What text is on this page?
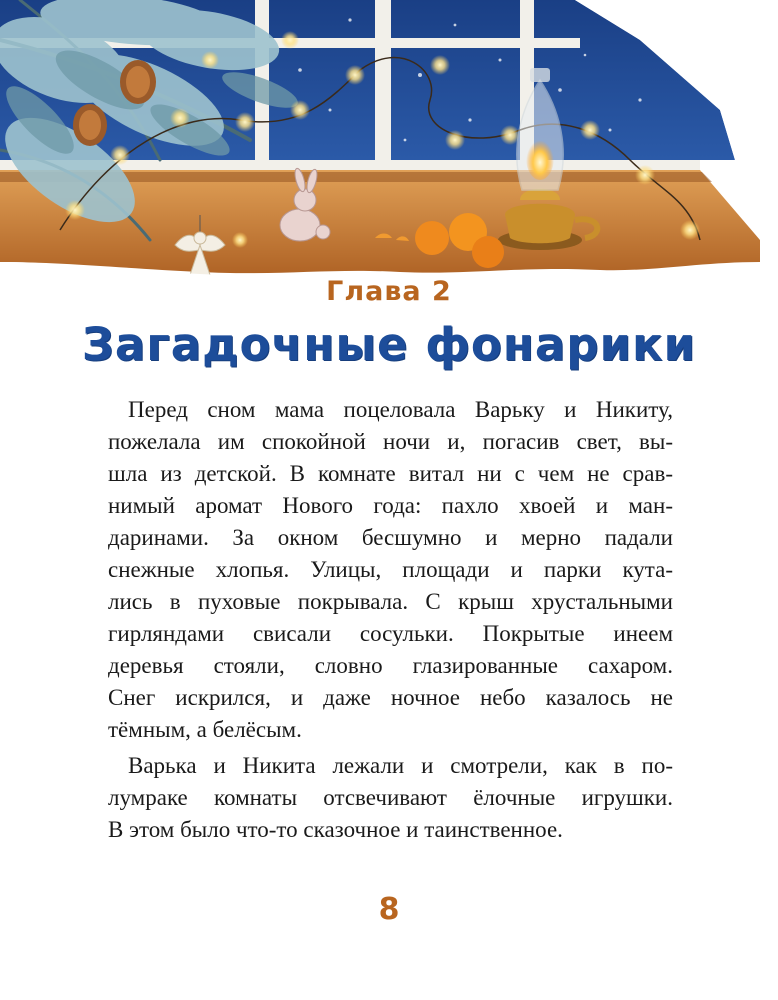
Глава 2
Загадочные фонарики
Перед сном мама поцеловала Варьку и Никиту,
пожелала им спокойной ночи и, погасив свет, вы-
шла из детской. В комнате витал ни с чем не срав-
нимый аромат Нового года: пахло хвоей и ман-
даринами. За окном бесшумно и мерно падали
снежные хлопья. Улицы, площади и парки кута-
лись в пуховые покрывала. С крыш хрустальными
гирляндами свисали сосульки. Покрытые инеем
деревья стояли, словно глазированные сахаром.
Снег искрился, и даже ночное небо казалось не
тёмным, а белёсым.
Варька и Никита лежали и смотрели, как в по-
лумраке комнаты отсвечивают ёлочные игрушки.
В этом было что-то сказочное и таинственное.
8
